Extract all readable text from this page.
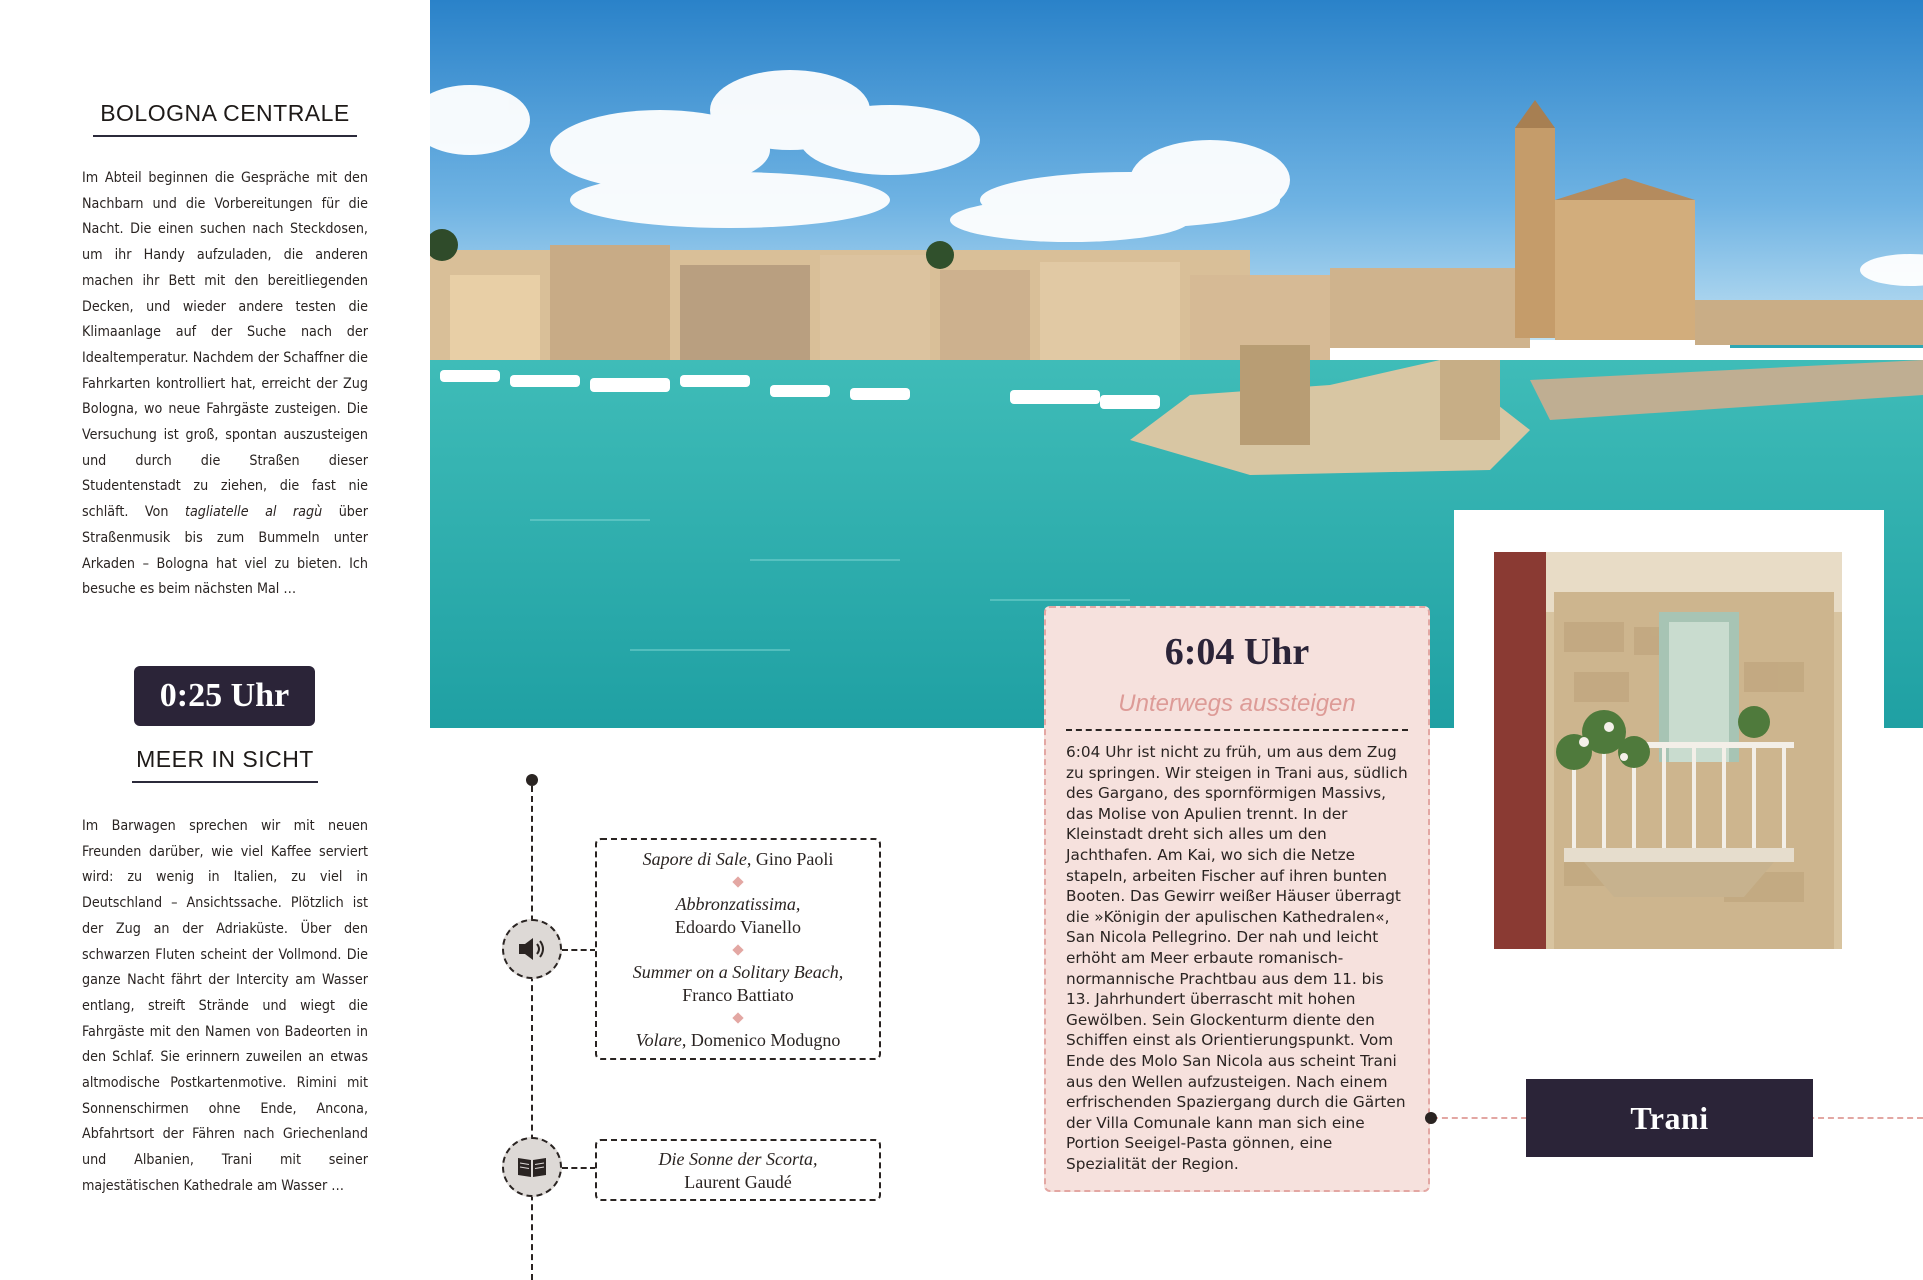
BOLOGNA CENTRALE

Im Abteil beginnen die Gespräche mit den Nachbarn und die Vorbereitungen für die Nacht. Die einen suchen nach Steckdosen, um ihr Handy aufzuladen, die anderen machen ihr Bett mit den bereitliegenden Decken, und wieder andere testen die Klimaanlage auf der Suche nach der Idealtemperatur. Nachdem der Schaffner die Fahrkarten kontrolliert hat, erreicht der Zug Bologna, wo neue Fahrgäste zusteigen. Die Versuchung ist groß, spontan auszusteigen und durch die Straßen dieser Studentenstadt zu ziehen, die fast nie schläft. Von tagliatelle al ragù über Straßenmusik bis zum Bummeln unter Arkaden – Bologna hat viel zu bieten. Ich besuche es beim nächsten Mal …

0:25 Uhr
MEER IN SICHT

Im Barwagen sprechen wir mit neuen Freunden darüber, wie viel Kaffee serviert wird: zu wenig in Italien, zu viel in Deutschland – Ansichtssache. Plötzlich ist der Zug an der Adriaküste. Über den schwarzen Fluten scheint der Vollmond. Die ganze Nacht fährt der Intercity am Wasser entlang, streift Strände und wiegt die Fahrgäste mit den Namen von Badeorten in den Schlaf. Sie erinnern zuweilen an etwas altmodische Postkartenmotive. Rimini mit Sonnenschirmen ohne Ende, Ancona, Abfahrtsort der Fähren nach Griechenland und Albanien, Trani mit seiner majestätischen Kathedrale am Wasser …

Sapore di Sale, Gino Paoli

Abbronzatissima,
Edoardo Vianello

Summer on a Solitary Beach,
Franco Battiato

Volare, Domenico Modugno

Die Sonne der Scorta,
Laurent Gaudé

6:04 Uhr
Unterwegs aussteigen

6:04 Uhr ist nicht zu früh, um aus dem Zug zu springen. Wir steigen in Trani aus, südlich des Gargano, des spornförmigen Massivs, das Molise von Apulien trennt. In der Kleinstadt dreht sich alles um den Jachthafen. Am Kai, wo sich die Netze stapeln, arbeiten Fischer auf ihren bunten Booten. Das Gewirr weißer Häuser überragt die »Königin der apulischen Kathedralen«, San Nicola Pellegrino. Der nah und leicht erhöht am Meer erbaute romanisch-normannische Prachtbau aus dem 11. bis 13. Jahrhundert überrascht mit hohen Gewölben. Sein Glockenturm diente den Schiffen einst als Orientierungspunkt. Vom Ende des Molo San Nicola aus scheint Trani aus den Wellen aufzusteigen. Nach einem erfrischenden Spaziergang durch die Gärten der Villa Comunale kann man sich eine Portion Seeigel-Pasta gönnen, eine Spezialität der Region.

Trani
